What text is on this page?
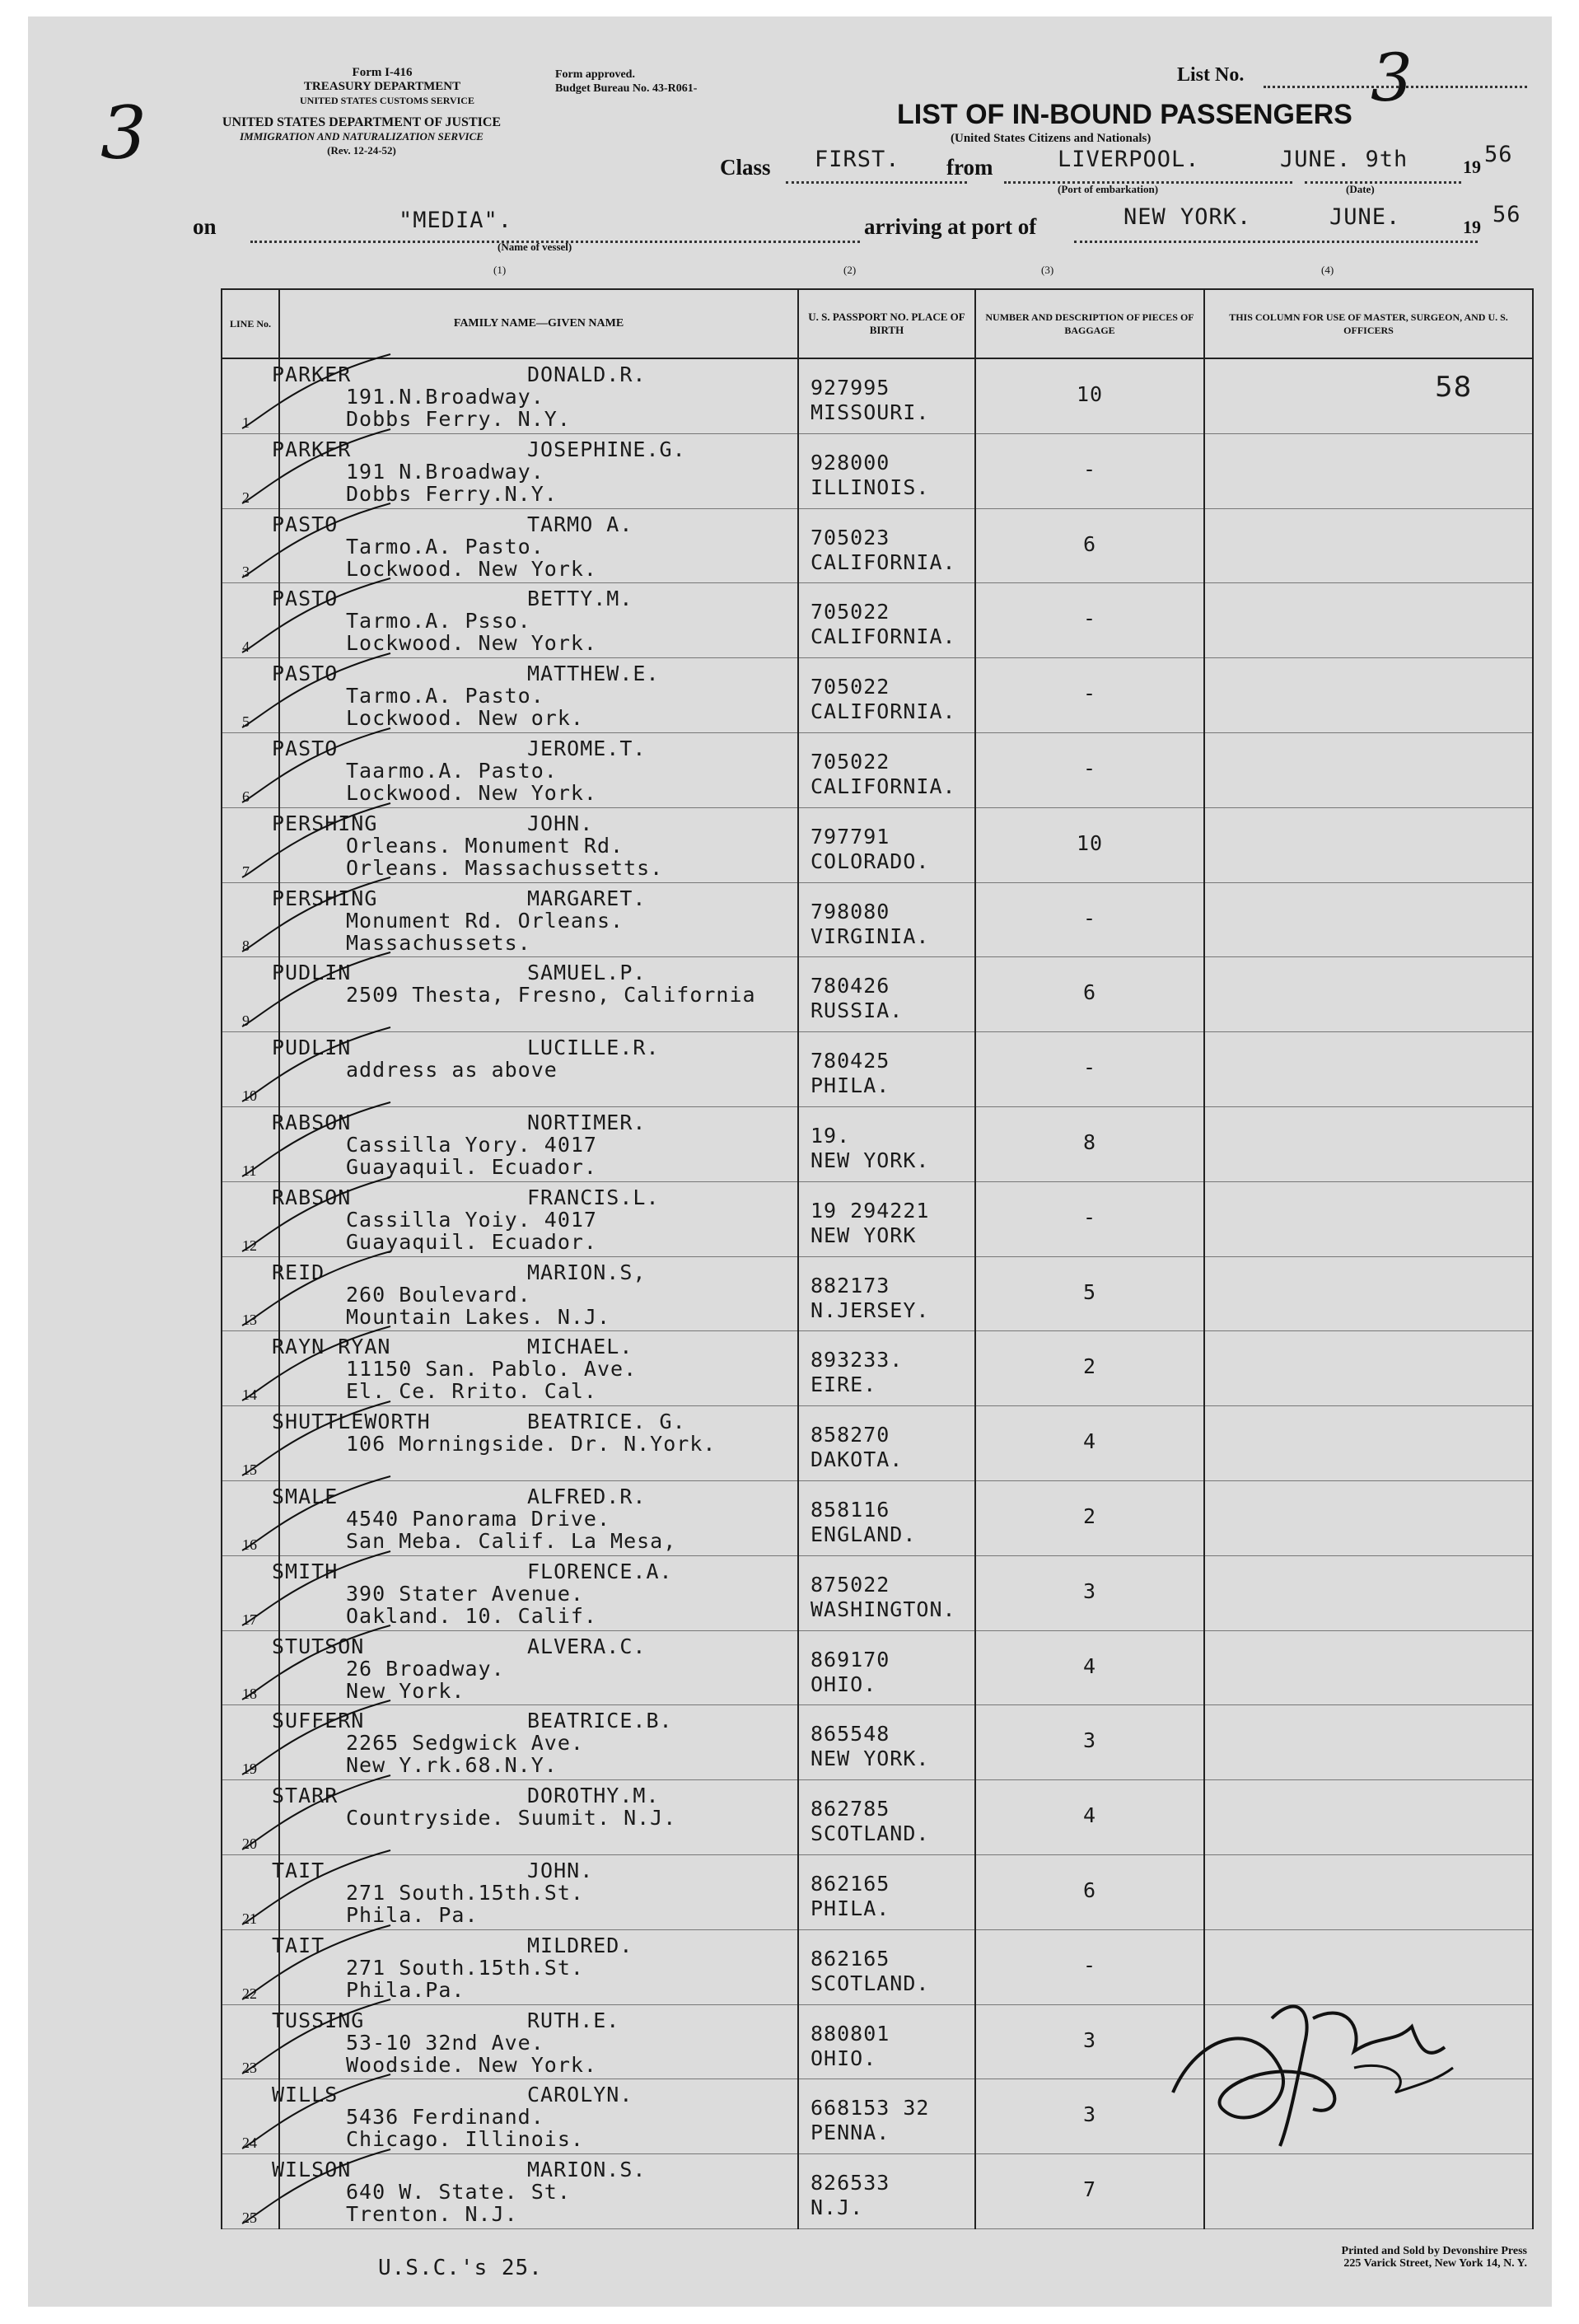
3
Form I-416
TREASURY DEPARTMENT
UNITED STATES CUSTOMS SERVICE
UNITED STATES DEPARTMENT OF JUSTICE
IMMIGRATION AND NATURALIZATION SERVICE
(Rev. 12-24-52)
Form approved.
Budget Bureau No. 43-R061-
List No. 3
LIST OF IN-BOUND PASSENGERS
(United States Citizens and Nationals)
Class FIRST. from	LIVERPOOL.
(Port of embarkation)
JUNE. 9th	19 56
(Date)
on	"MEDIA".
(Name of vessel)
arriving at port of	NEW YORK.	JUNE.	19 56
(1)	(2)	(3)	(4)
LINE No.	FAMILY NAME—GIVEN NAME	U. S. PASSPORT NO. PLACE OF BIRTH	NUMBER AND DESCRIPTION OF PIECES OF BAGGAGE	THIS COLUMN FOR USE OF MASTER, SURGEON, AND U. S. OFFICERS

1	PARKER DONALD.R.
191.N.Broadway.
Dobbs Ferry. N.Y.	927995
MISSOURI.	10	

2	PARKER JOSEPHINE.G.
191 N.Broadway.
Dobbs Ferry.N.Y.	928000
ILLINOIS.	-	

3	PASTO TARMO A.
Tarmo.A. Pasto.
Lockwood. New York.	705023
CALIFORNIA.	6	

4	PASTO BETTY.M.
Tarmo.A. Psso.
Lockwood. New York.	705022
CALIFORNIA.	-	

5	PASTO MATTHEW.E.
Tarmo.A. Pasto.
Lockwood. New ork.	705022
CALIFORNIA.	-	

6	PASTO JEROME.T.
Taarmo.A. Pasto.
Lockwood. New York.	705022
CALIFORNIA.	-	

7	PERSHING JOHN.
Orleans. Monument Rd.
Orleans. Massachussetts.	797791
COLORADO.	10	

8	PERSHING MARGARET.
Monument Rd. Orleans.
Massachussets.	798080
VIRGINIA.	-	

9	PUDLIN SAMUEL.P.
2509 Thesta, Fresno, California	780426
RUSSIA.	6	

10	PUDLIN LUCILLE.R.
address as above	780425
PHILA.	-	

11	RABSON NORTIMER.
Cassilla Yory. 4017
Guayaquil. Ecuador.	19.
NEW YORK.	8	

12	RABSON FRANCIS.L.
Cassilla Yoiy. 4017
Guayaquil. Ecuador.	19 294221
NEW YORK	-	

13	REID MARION.S,
260 Boulevard.
Mountain Lakes. N.J.	882173
N.JERSEY.	5	

14	RAYN RYAN MICHAEL.
11150 San. Pablo. Ave.
El. Ce. Rrito. Cal.	893233.
EIRE.	2	

15	SHUTTLEWORTH BEATRICE. G.
106 Morningside. Dr. N.York.	858270
DAKOTA.	4	

16	SMALE ALFRED.R.
4540 Panorama Drive.
San Meba. Calif. La Mesa,	858116
ENGLAND.	2	

17	SMITH FLORENCE.A.
390 Stater Avenue.
Oakland. 10. Calif.	875022
WASHINGTON.	3	

18	STUTSON ALVERA.C.
26 Broadway.
New York.	869170
OHIO.	4	

19	SUFFERN BEATRICE.B.
2265 Sedgwick Ave.
New Y.rk.68.N.Y.	865548
NEW YORK.	3	

20	STARR DOROTHY.M.
Countryside. Suumit. N.J.	862785
SCOTLAND.	4	

21	TAIT JOHN.
271 South.15th.St.
Phila. Pa.	862165
PHILA.	6	

22	TAIT MILDRED.
271 South.15th.St.
Phila.Pa.	862165
SCOTLAND.	-	

23	TUSSING RUTH.E.
53-10 32nd Ave.
Woodside. New York.	880801
OHIO.	3	

24	WILLS CAROLYN.
5436 Ferdinand.
Chicago. Illinois.	668153 32
PENNA.	3	

25	WILSON MARION.S.
640 W. State. St.
Trenton. N.J.	826533
N.J.	7	

58
U.S.C.'s 25.
Printed and Sold by Devonshire Press
225 Varick Street, New York 14, N. Y.
